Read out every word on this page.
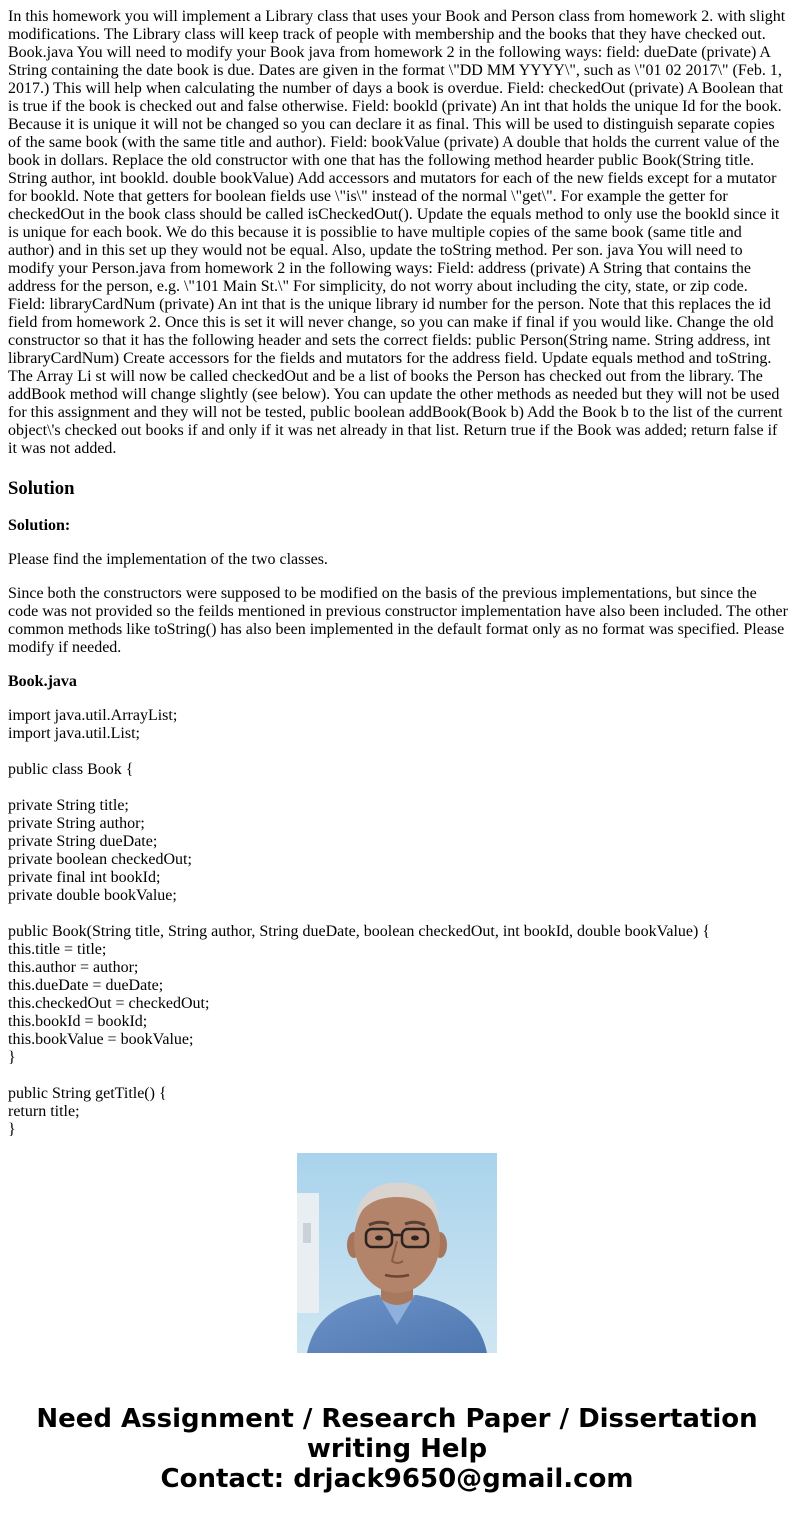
In this homework you will implement a Library class that uses your Book and Person class from homework 2. with slight modifications. The Library class will keep track of people with membership and the books that they have checked out. Book.java You will need to modify your Book java from homework 2 in the following ways: field: dueDate (private) A String containing the date book is due. Dates are given in the format \"DD MM YYYY\", such as \"01 02 2017\" (Feb. 1, 2017.) This will help when calculating the number of days a book is overdue. Field: checkedOut (private) A Boolean that is true if the book is checked out and false otherwise. Field: bookld (private) An int that holds the unique Id for the book. Because it is unique it will not be changed so you can declare it as final. This will be used to distinguish separate copies of the same book (with the same title and author). Field: bookValue (private) A double that holds the current value of the book in dollars. Replace the old constructor with one that has the following method hearder public Book(String title. String author, int bookld. double bookValue) Add accessors and mutators for each of the new fields except for a mutator for bookld. Note that getters for boolean fields use \"is\" instead of the normal \"get\". For example the getter for checkedOut in the book class should be called isCheckedOut(). Update the equals method to only use the bookld since it is unique for each book. We do this because it is possiblie to have multiple copies of the same book (same title and author) and in this set up they would not be equal. Also, update the toString method. Per son. java You will need to modify your Person.java from homework 2 in the following ways: Field: address (private) A String that contains the address for the person, e.g. \"101 Main St.\" For simplicity, do not worry about including the city, state, or zip code. Field: libraryCardNum (private) An int that is the unique library id number for the person. Note that this replaces the id field from homework 2. Once this is set it will never change, so you can make if final if you would like. Change the old constructor so that it has the following header and sets the correct fields: public Person(String name. String address, int libraryCardNum) Create accessors for the fields and mutators for the address field. Update equals method and toString. The Array Li st will now be called checkedOut and be a list of books the Person has checked out from the library. The addBook method will change slightly (see below). You can update the other methods as needed but they will not be used for this assignment and they will not be tested, public boolean addBook(Book b) Add the Book b to the list of the current object\'s checked out books if and only if it was net already in that list. Return true if the Book was added; return false if it was not added.
Solution
Solution:
Please find the implementation of the two classes.
Since both the constructors were supposed to be modified on the basis of the previous implementations, but since the code was not provided so the feilds mentioned in previous constructor implementation have also been included. The other common methods like toString() has also been implemented in the default format only as no format was specified. Please modify if needed.
Book.java
import java.util.ArrayList;
import java.util.List;
public class Book {
private String title;
private String author;
private String dueDate;
private boolean checkedOut;
private final int bookId;
private double bookValue;
public Book(String title, String author, String dueDate, boolean checkedOut, int bookId, double bookValue) {
this.title = title;
this.author = author;
this.dueDate = dueDate;
this.checkedOut = checkedOut;
this.bookId = bookId;
this.bookValue = bookValue;
}
public String getTitle() {
return title;
}
Need Assignment / Research Paper / Dissertation writing Help
Contact: drjack9650@gmail.com
